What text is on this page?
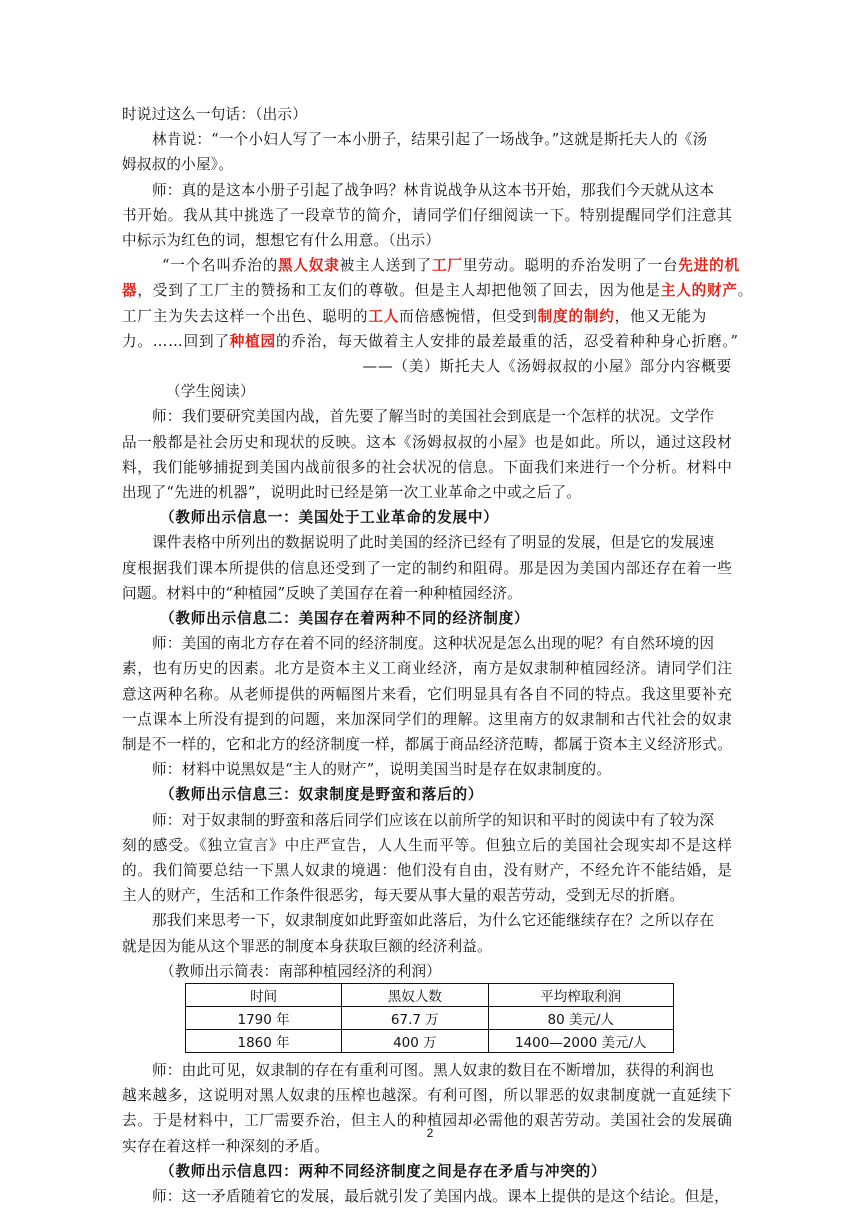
时说过这么一句话：（出示）
林肯说：“一个小妇人写了一本小册子，结果引起了一场战争。”这就是斯托夫人的《汤
姆叔叔的小屋》。
师：真的是这本小册子引起了战争吗？林肯说战争从这本书开始，那我们今天就从这本
书开始。我从其中挑选了一段章节的简介，请同学们仔细阅读一下。特别提醒同学们注意其
中标示为红色的词，想想它有什么用意。（出示）
“一个名叫乔治的黑人奴隶被主人送到了工厂里劳动。聪明的乔治发明了一台先进的机
器，受到了工厂主的赞扬和工友们的尊敬。但是主人却把他领了回去，因为他是主人的财产。
工厂主为失去这样一个出色、聪明的工人而倍感惋惜，但受到制度的制约，他又无能为
力。……回到了种植园的乔治，每天做着主人安排的最差最重的活，忍受着种种身心折磨。”
——（美）斯托夫人《汤姆叔叔的小屋》部分内容概要
（学生阅读）
师：我们要研究美国内战，首先要了解当时的美国社会到底是一个怎样的状况。文学作
品一般都是社会历史和现状的反映。这本《汤姆叔叔的小屋》也是如此。所以，通过这段材
料，我们能够捕捉到美国内战前很多的社会状况的信息。下面我们来进行一个分析。材料中
出现了“先进的机器”，说明此时已经是第一次工业革命之中或之后了。
（教师出示信息一：美国处于工业革命的发展中）
课件表格中所列出的数据说明了此时美国的经济已经有了明显的发展，但是它的发展速
度根据我们课本所提供的信息还受到了一定的制约和阻碍。那是因为美国内部还存在着一些
问题。材料中的“种植园”反映了美国存在着一种种植园经济。
（教师出示信息二：美国存在着两种不同的经济制度）
师：美国的南北方存在着不同的经济制度。这种状况是怎么出现的呢？有自然环境的因
素，也有历史的因素。北方是资本主义工商业经济，南方是奴隶制种植园经济。请同学们注
意这两种名称。从老师提供的两幅图片来看，它们明显具有各自不同的特点。我这里要补充
一点课本上所没有提到的问题，来加深同学们的理解。这里南方的奴隶制和古代社会的奴隶
制是不一样的，它和北方的经济制度一样，都属于商品经济范畴，都属于资本主义经济形式。
师：材料中说黑奴是“主人的财产”，说明美国当时是存在奴隶制度的。
（教师出示信息三：奴隶制度是野蛮和落后的）
师：对于奴隶制的野蛮和落后同学们应该在以前所学的知识和平时的阅读中有了较为深
刻的感受。《独立宣言》中庄严宣告，人人生而平等。但独立后的美国社会现实却不是这样
的。我们简要总结一下黑人奴隶的境遇：他们没有自由，没有财产，不经允许不能结婚，是
主人的财产，生活和工作条件很恶劣，每天要从事大量的艰苦劳动，受到无尽的折磨。
那我们来思考一下，奴隶制度如此野蛮如此落后，为什么它还能继续存在？之所以存在
就是因为能从这个罪恶的制度本身获取巨额的经济利益。
（教师出示简表：南部种植园经济的利润）
时间	黑奴人数	平均榨取利润
1790 年	67.7 万	80 美元/人
1860 年	400 万	1400—2000 美元/人
师：由此可见，奴隶制的存在有重利可图。黑人奴隶的数目在不断增加，获得的利润也
越来越多，这说明对黑人奴隶的压榨也越深。有利可图，所以罪恶的奴隶制度就一直延续下
去。于是材料中，工厂需要乔治，但主人的种植园却必需他的艰苦劳动。美国社会的发展确
实存在着这样一种深刻的矛盾。
（教师出示信息四：两种不同经济制度之间是存在矛盾与冲突的）
师：这一矛盾随着它的发展，最后就引发了美国内战。课本上提供的是这个结论。但是，
2
